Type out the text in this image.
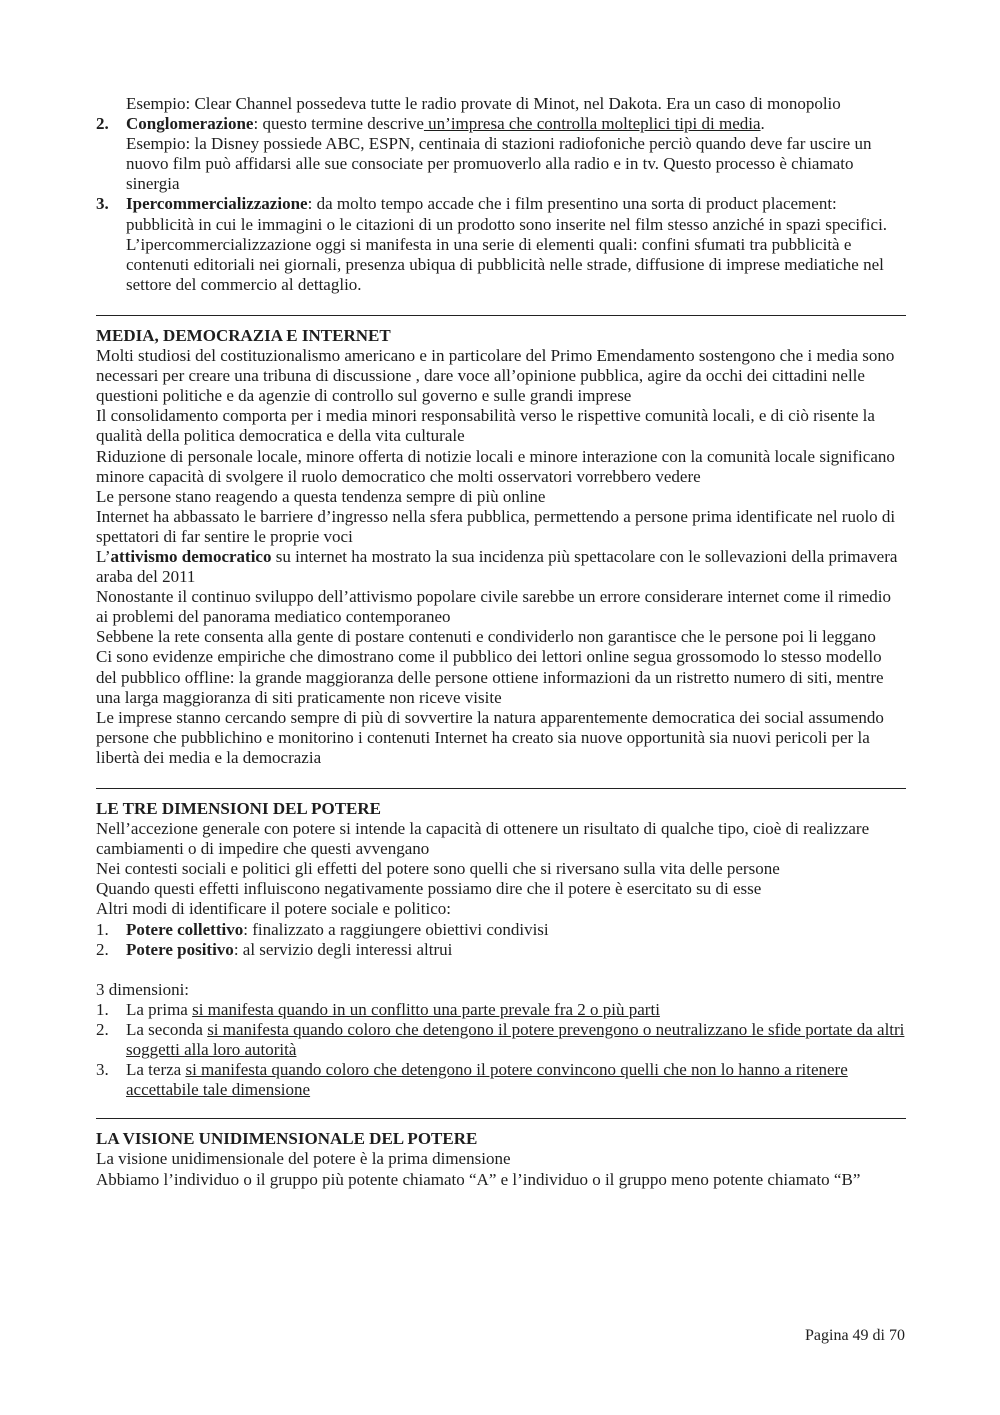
Esempio: Clear Channel possedeva tutte le radio provate di Minot, nel Dakota. Era un caso di monopolio

2.	Conglomerazione: questo termine descrive un’impresa che controlla molteplici tipi di media.
Esempio: la Disney possiede ABC, ESPN, centinaia di stazioni radiofoniche perciò quando deve far uscire un nuovo film può affidarsi alle sue consociate per promuoverlo alla radio e in tv. Questo processo è chiamato sinergia
3.	Ipercommercializzazione: da molto tempo accade che i film presentino una sorta di product placement: pubblicità in cui le immagini o le citazioni di un prodotto sono inserite nel film stesso anziché in spazi specifici. L’ipercommercializzazione oggi si manifesta in una serie di elementi quali: confini sfumati tra pubblicità e contenuti editoriali nei giornali, presenza ubiqua di pubblicità nelle strade, diffusione di imprese mediatiche nel settore del commercio al dettaglio.

MEDIA, DEMOCRAZIA E INTERNET

Molti studiosi del costituzionalismo americano e in particolare del Primo Emendamento sostengono che i media sono necessari per creare una tribuna di discussione , dare voce all’opinione pubblica, agire da occhi dei cittadini nelle questioni politiche e da agenzie di controllo sul governo e sulle grandi imprese

Il consolidamento comporta per i media minori responsabilità verso le rispettive comunità locali, e di ciò risente la qualità della politica democratica e della vita culturale

Riduzione di personale locale, minore offerta di notizie locali e minore interazione con la comunità locale significano minore capacità di svolgere il ruolo democratico che molti osservatori vorrebbero vedere

Le persone stano reagendo a questa tendenza sempre di più online

Internet ha abbassato le barriere d’ingresso nella sfera pubblica, permettendo a persone prima identificate nel ruolo di spettatori di far sentire le proprie voci

L’attivismo democratico su internet ha mostrato la sua incidenza più spettacolare con le sollevazioni della primavera araba del 2011

Nonostante il continuo sviluppo dell’attivismo popolare civile sarebbe un errore considerare internet come il rimedio ai problemi del panorama mediatico contemporaneo

Sebbene la rete consenta alla gente di postare contenuti e condividerlo non garantisce che le persone poi li leggano

Ci sono evidenze empiriche che dimostrano come il pubblico dei lettori online segua grossomodo lo stesso modello del pubblico offline: la grande maggioranza delle persone ottiene informazioni da un ristretto numero di siti, mentre una larga maggioranza di siti praticamente non riceve visite

Le imprese stanno cercando sempre di più di sovvertire la natura apparentemente democratica dei social assumendo persone che pubblichino e monitorino i contenuti Internet ha creato sia nuove opportunità sia nuovi pericoli per la libertà dei media e la democrazia

LE TRE DIMENSIONI DEL POTERE

Nell’accezione generale con potere si intende la capacità di ottenere un risultato di qualche tipo, cioè di realizzare cambiamenti o di impedire che questi avvengano

Nei contesti sociali e politici gli effetti del potere sono quelli che si riversano sulla vita delle persone

Quando questi effetti influiscono negativamente possiamo dire che il potere è esercitato su di esse

Altri modi di identificare il potere sociale e politico:

1.	Potere collettivo: finalizzato a raggiungere obiettivi condivisi
2.	Potere positivo: al servizio degli interessi altrui

3 dimensioni:

1.	La prima si manifesta quando in un conflitto una parte prevale fra 2 o più parti
2.	La seconda si manifesta quando coloro che detengono il potere prevengono o neutralizzano le sfide portate da altri soggetti alla loro autorità
3.	La terza si manifesta quando coloro che detengono il potere convincono quelli che non lo hanno a ritenere accettabile tale dimensione

LA VISIONE UNIDIMENSIONALE DEL POTERE

La visione unidimensionale del potere è la prima dimensione

Abbiamo l’individuo o il gruppo più potente chiamato “A” e l’individuo o il gruppo meno potente chiamato “B”

Pagina 49 di 70
